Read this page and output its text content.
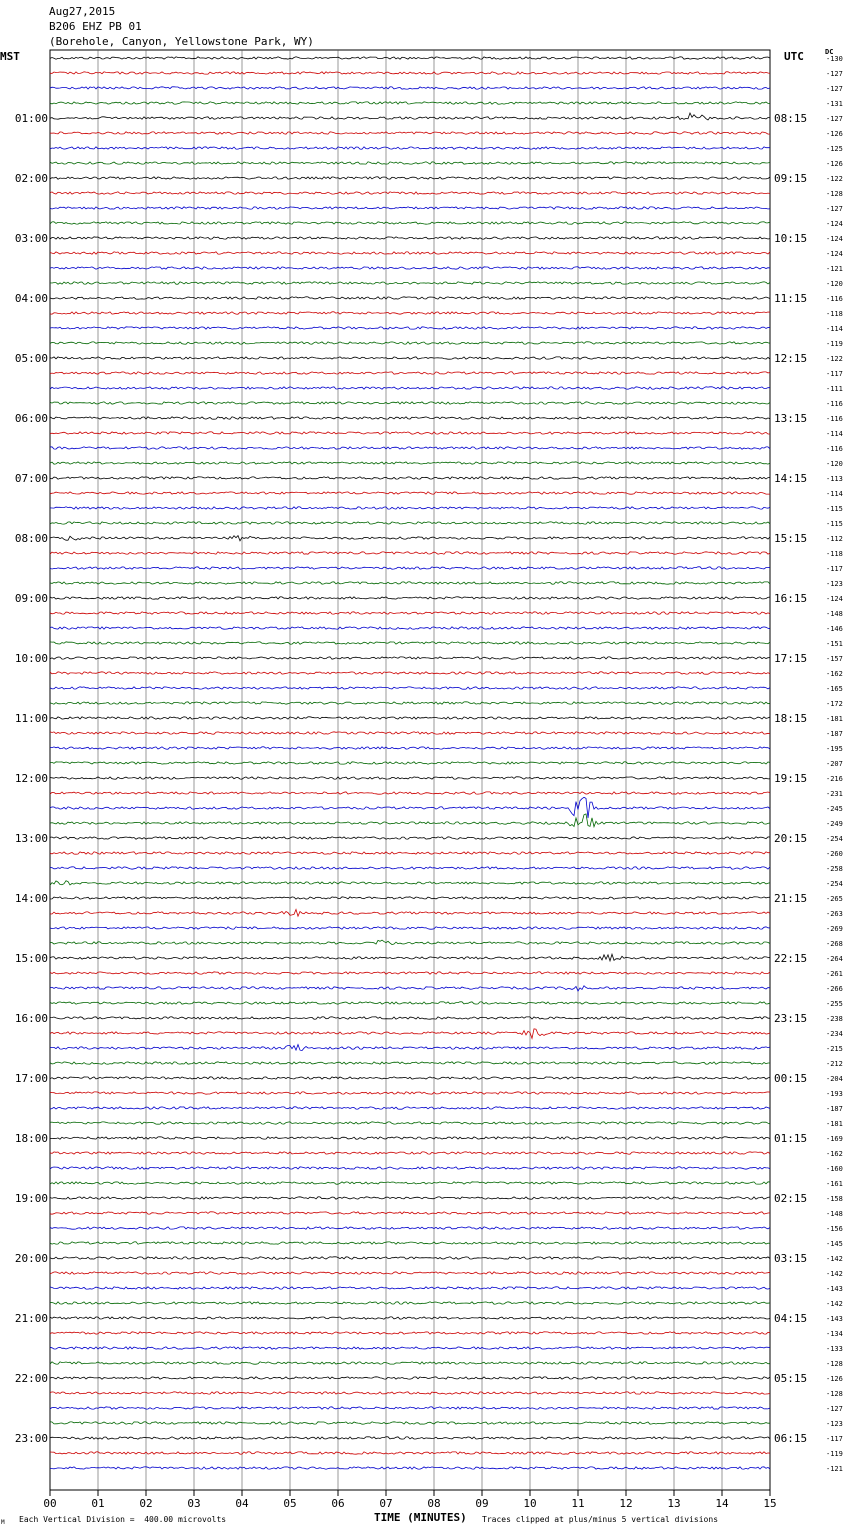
Aug27,2015
B206 EHZ PB 01
(Borehole, Canyon, Yellowstone Park, WY)
MST	UTC	DC
-130
-127
-127
-131
-127
-126
-125
-126
-122
-128
-127
-124
-124
-124
-121
-120
-116
-118
-114
-119
-122
-117
-111
-116
-116
-114
-116
-120
-113
-114
-115
-115
-112
-118
-117
-123
-124
-148
-146
-151
-157
-162
-165
-172
-181
-187
-195
-207
-216
-231
-245
-249
-254
-260
-258
-254
-265
-263
-269
-268
-264
-261
-266
-255
-238
-234
-215
-212
-204
-193
-187
-181
-169
-162
-160
-161
-158
-148
-156
-145
-142
-142
-143
-142
-143
-134
-133
-128
-126
-128
-127
-123
-117
-119
-121
01:00	08:15
02:00	09:15
03:00	10:15
04:00	11:15
05:00	12:15
06:00	13:15
07:00	14:15
08:00	15:15
09:00	16:15
10:00	17:15
11:00	18:15
12:00	19:15
13:00	20:15
14:00	21:15
15:00	22:15
16:00	23:15
17:00	00:15
18:00	01:15
19:00	02:15
20:00	03:15
21:00	04:15
22:00	05:15
23:00	06:15
00	01	02	03	04	05	06	07	08	09	10	11	12	13	14	15
TIME (MINUTES)
M Each Vertical Division =  400.00 microvolts	Traces clipped at plus/minus 5 vertical divisions
